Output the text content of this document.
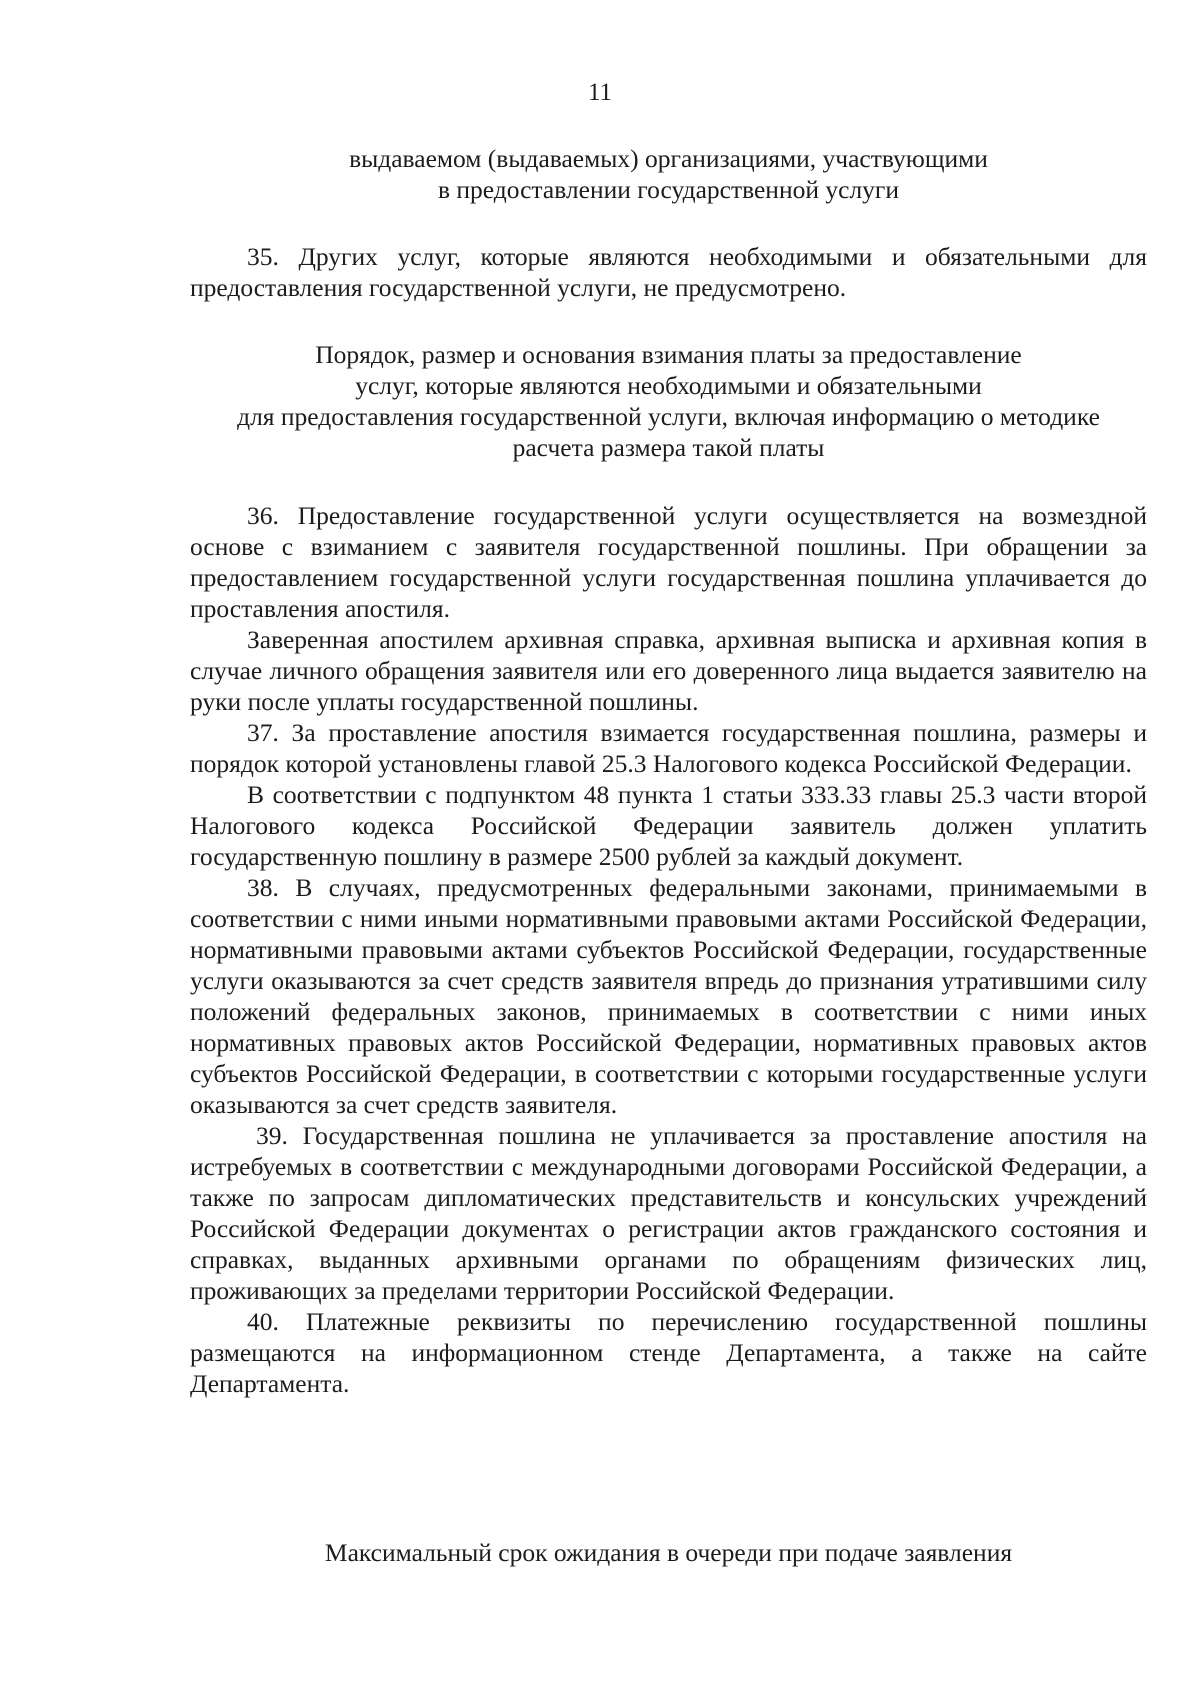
11
выдаваемом (выдаваемых) организациями, участвующими
в предоставлении государственной услуги

35. Других услуг, которые являются необходимыми и обязательными для предоставления государственной услуги, не предусмотрено.

Порядок, размер и основания взимания платы за предоставление
услуг, которые являются необходимыми и обязательными
для предоставления государственной услуги, включая информацию о методике
расчета размера такой платы

36. Предоставление государственной услуги осуществляется на возмездной основе с взиманием с заявителя государственной пошлины. При обращении за предоставлением государственной услуги государственная пошлина уплачивается до проставления апостиля.

Заверенная апостилем архивная справка, архивная выписка и архивная копия в случае личного обращения заявителя или его доверенного лица выдается заявителю на руки после уплаты государственной пошлины.

37. За проставление апостиля взимается государственная пошлина, размеры и порядок которой установлены главой 25.3 Налогового кодекса Российской Федерации.

В соответствии с подпунктом 48 пункта 1 статьи 333.33 главы 25.3 части второй Налогового кодекса Российской Федерации заявитель должен уплатить государственную пошлину в размере 2500 рублей за каждый документ.

38. В случаях, предусмотренных федеральными законами, принимаемыми в соответствии с ними иными нормативными правовыми актами Российской Федерации, нормативными правовыми актами субъектов Российской Федерации, государственные услуги оказываются за счет средств заявителя впредь до признания утратившими силу положений федеральных законов, принимаемых в соответствии с ними иных нормативных правовых актов Российской Федерации, нормативных правовых актов субъектов Российской Федерации, в соответствии с которыми государственные услуги оказываются за счет средств заявителя.

39. Государственная пошлина не уплачивается за проставление апостиля на истребуемых в соответствии с международными договорами Российской Федерации, а также по запросам дипломатических представительств и консульских учреждений Российской Федерации документах о регистрации актов гражданского состояния и справках, выданных архивными органами по обращениям физических лиц, проживающих за пределами территории Российской Федерации.

40. Платежные реквизиты по перечислению государственной пошлины размещаются на информационном стенде Департамента, а также на сайте Департамента.

Максимальный срок ожидания в очереди при подаче заявления
